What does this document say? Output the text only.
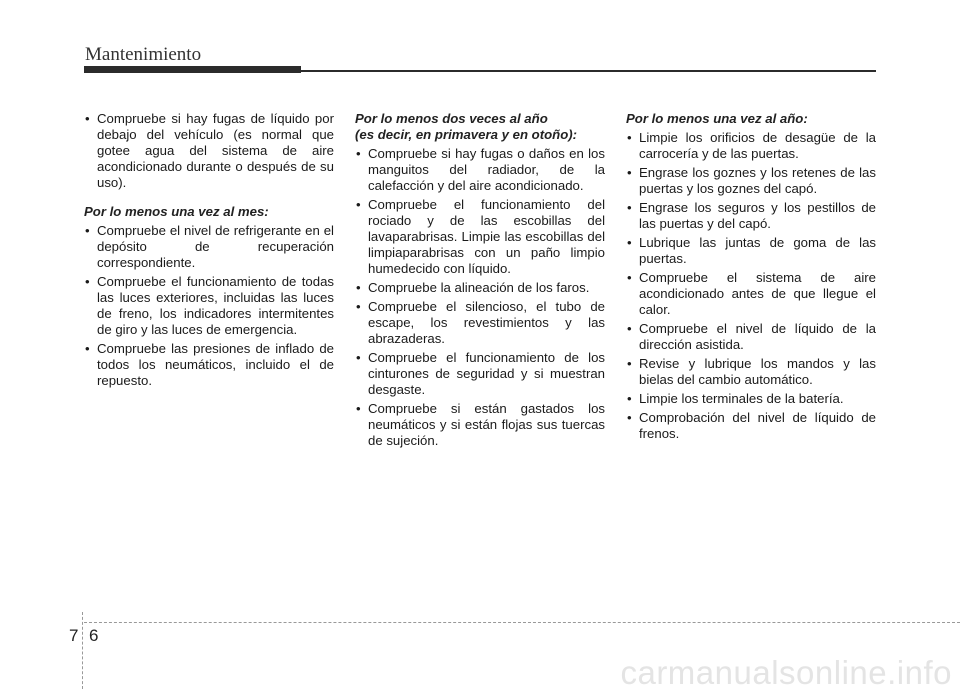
Mantenimiento
• Compruebe si hay fugas de líquido por debajo del vehículo (es normal que gotee agua del sistema de aire acondicionado durante o después de su uso).

Por lo menos una vez al mes:

• Compruebe el nivel de refrigerante en el depósito de recuperación correspondiente.
• Compruebe el funcionamiento de todas las luces exteriores, incluidas las luces de freno, los indicadores intermitentes de giro y las luces de emergencia.
• Compruebe las presiones de inflado de todos los neumáticos, incluido el de repuesto.

Por lo menos dos veces al año
(es decir, en primavera y en otoño):

• Compruebe si hay fugas o daños en los manguitos del radiador, de la calefacción y del aire acondicionado.
• Compruebe el funcionamiento del rociado y de las escobillas del lavaparabrisas. Limpie las escobillas del limpiaparabrisas con un paño limpio humedecido con líquido.
• Compruebe la alineación de los faros.
• Compruebe el silencioso, el tubo de escape, los revestimientos y las abrazaderas.
• Compruebe el funcionamiento de los cinturones de seguridad y si muestran desgaste.
• Compruebe si están gastados los neumáticos y si están flojas sus tuercas de sujeción.

Por lo menos una vez al año:

• Limpie los orificios de desagüe de la carrocería y de las puertas.
• Engrase los goznes y los retenes de las puertas y los goznes del capó.
• Engrase los seguros y los pestillos de las puertas y del capó.
• Lubrique las juntas de goma de las puertas.
• Compruebe el sistema de aire acondicionado antes de que llegue el calor.
• Compruebe el nivel de líquido de la dirección asistida.
• Revise y lubrique los mandos y las bielas del cambio automático.
• Limpie los terminales de la batería.
• Comprobación del nivel de líquido de frenos.
7 6
carmanualsonline.info
